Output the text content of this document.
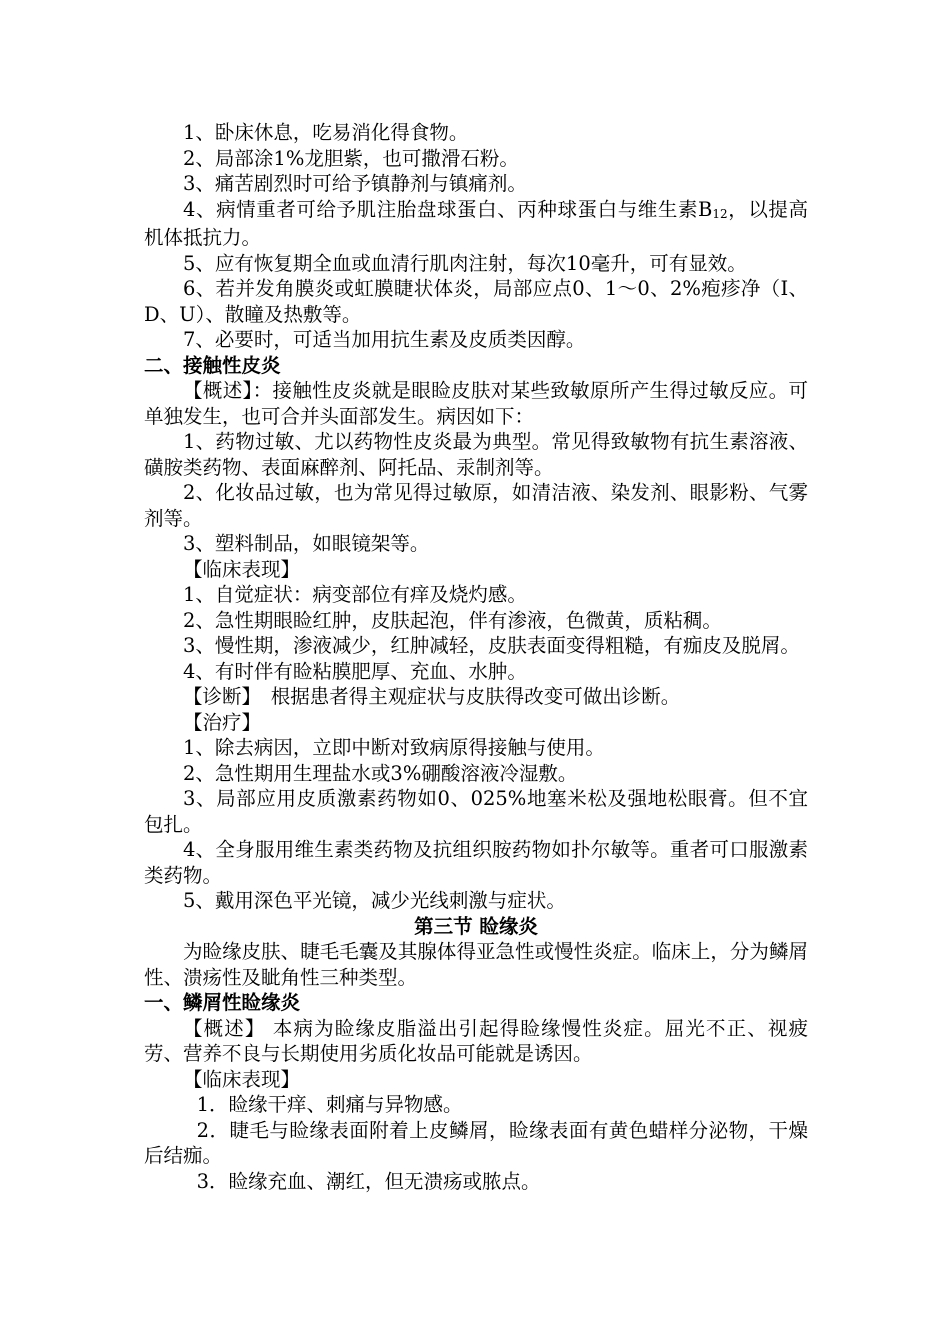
1、卧床休息，吃易消化得食物。

2、局部涂1%龙胆紫，也可撒滑石粉。

3、痛苦剧烈时可给予镇静剂与镇痛剂。

4、病情重者可给予肌注胎盘球蛋白、丙种球蛋白与维生素$B_{12}$，以提高机体抵抗力。

5、应有恢复期全血或血清行肌肉注射，每次10毫升，可有显效。

6、若并发角膜炎或虹膜睫状体炎，局部应点0、1～0、2%疱疹净（I、D、U）、散瞳及热敷等。

7、必要时，可适当加用抗生素及皮质类因醇。

二、接触性皮炎

【概述】：接触性皮炎就是眼睑皮肤对某些致敏原所产生得过敏反应。可单独发生，也可合并头面部发生。病因如下：

1、药物过敏、尤以药物性皮炎最为典型。常见得致敏物有抗生素溶液、磺胺类药物、表面麻醉剂、阿托品、汞制剂等。

2、化妆品过敏，也为常见得过敏原，如清洁液、染发剂、眼影粉、气雾剂等。

3、塑料制品，如眼镜架等。

【临床表现】

1、自觉症状：病变部位有痒及烧灼感。

2、急性期眼睑红肿，皮肤起泡，伴有渗液，色微黄，质粘稠。

3、慢性期，渗液减少，红肿减轻，皮肤表面变得粗糙，有痂皮及脱屑。

4、有时伴有睑粘膜肥厚、充血、水肿。

【诊断】　根据患者得主观症状与皮肤得改变可做出诊断。

【治疗】

1、除去病因，立即中断对致病原得接触与使用。

2、急性期用生理盐水或3%硼酸溶液冷湿敷。

3、局部应用皮质激素药物如0、025%地塞米松及强地松眼膏。但不宜包扎。

4、全身服用维生素类药物及抗组织胺药物如扑尔敏等。重者可口服激素类药物。

5、戴用深色平光镜，减少光线刺激与症状。

第三节 睑缘炎

为睑缘皮肤、睫毛毛囊及其腺体得亚急性或慢性炎症。临床上，分为鳞屑性、溃疡性及眦角性三种类型。

一、鳞屑性睑缘炎

【概述】 本病为睑缘皮脂溢出引起得睑缘慢性炎症。屈光不正、视疲劳、营养不良与长期使用劣质化妆品可能就是诱因。

【临床表现】

1．睑缘干痒、刺痛与异物感。

2．睫毛与睑缘表面附着上皮鳞屑，睑缘表面有黄色蜡样分泌物，干燥后结痂。

3．睑缘充血、潮红，但无溃疡或脓点。
